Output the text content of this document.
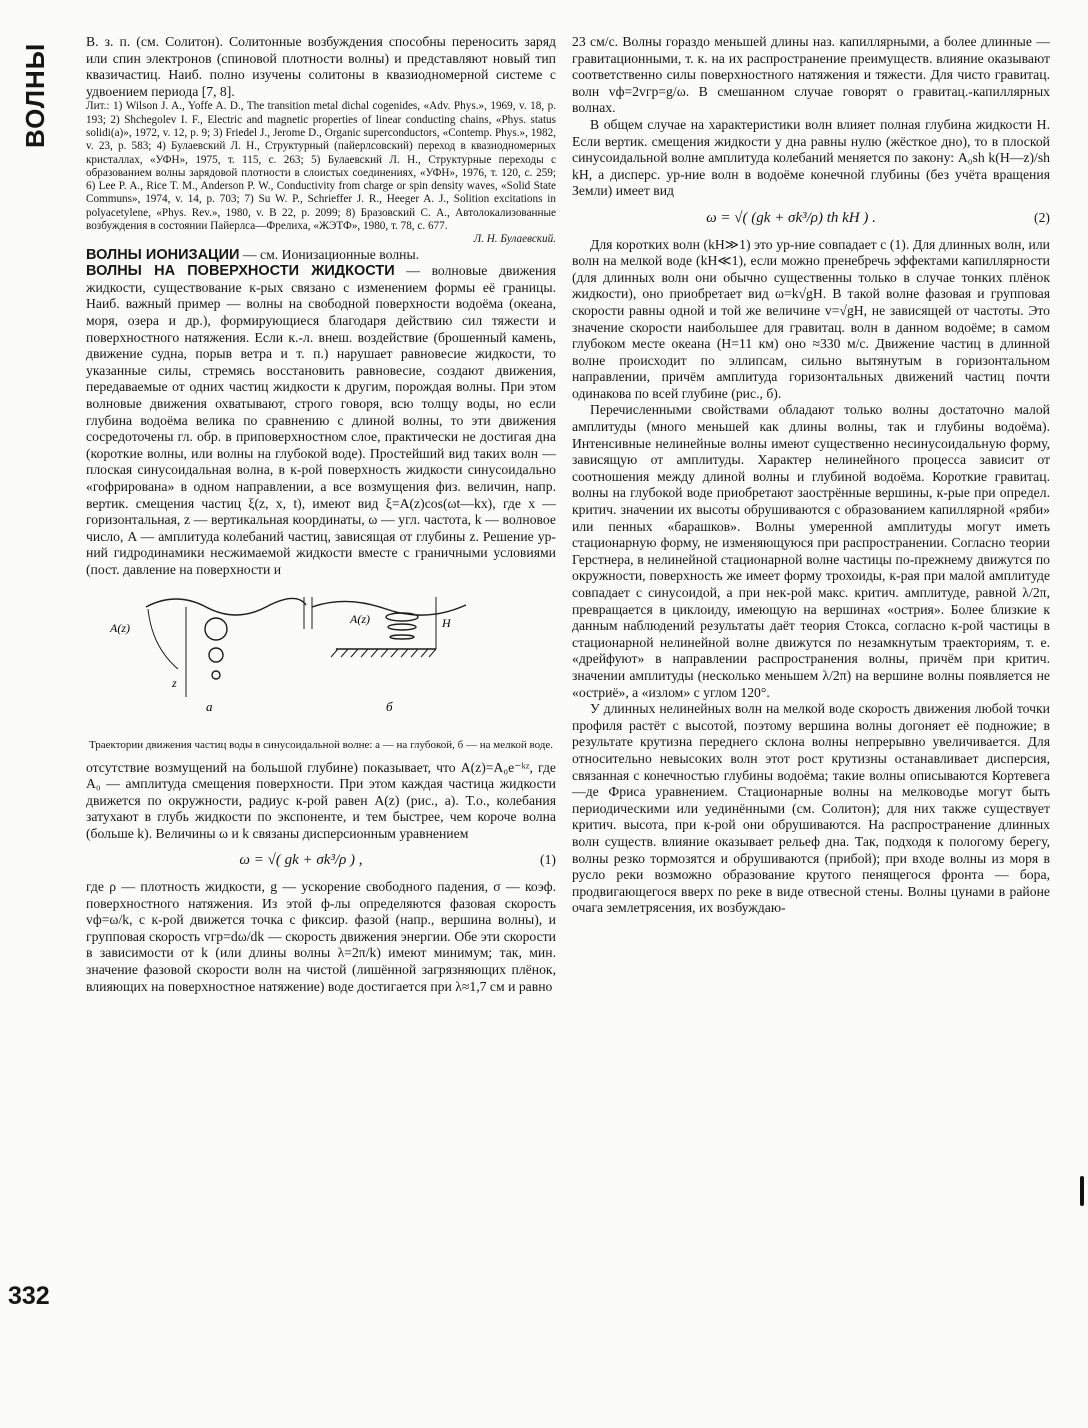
ВОЛНЫ
332

В. з. п. (см. Солитон). Солитонные возбуждения способны переносить заряд или спин электронов (спиновой плотности волны) и представляют новый тип квазичастиц. Наиб. полно изучены солитоны в квазиодномерной системе с удвоением периода [7, 8].

Лит.: 1) Wilson J. A., Yoffe A. D., The transition metal dichal cogenides, «Adv. Phys.», 1969, v. 18, p. 193; 2) Shchegolev I. F., Electric and magnetic properties of linear conducting chains, «Phys. status solidi(a)», 1972, v. 12, p. 9; 3) Friedel J., Jerome D., Organic superconductors, «Contemp. Phys.», 1982, v. 23, p. 583; 4) Булаевский Л. Н., Структурный (пайерлсовский) переход в квазиодномерных кристаллах, «УФН», 1975, т. 115, с. 263; 5) Булаевский Л. Н., Структурные переходы с образованием волны зарядовой плотности в слоистых соединениях, «УФН», 1976, т. 120, с. 259; 6) Lee P. A., Rice T. M., Anderson P. W., Conductivity from charge or spin density waves, «Solid State Communs», 1974, v. 14, p. 703; 7) Su W. P., Schrieffer J. R., Heeger A. J., Solition excitations in polyacetylene, «Phys. Rev.», 1980, v. B 22, p. 2099; 8) Бразовский С. А., Автолокализованные возбуждения в состоянии Пайерлса—Фрелиха, «ЖЭТФ», 1980, т. 78, с. 677.
Л. Н. Булаевский.

ВОЛНЫ ИОНИЗАЦИИ — см. Ионизационные волны.

ВОЛНЫ НА ПОВЕРХНОСТИ ЖИДКОСТИ — волновые движения жидкости, существование к-рых связано с изменением формы её границы. Наиб. важный пример — волны на свободной поверхности водоёма (океана, моря, озера и др.), формирующиеся благодаря действию сил тяжести и поверхностного натяжения. Если к.-л. внеш. воздействие (брошенный камень, движение судна, порыв ветра и т. п.) нарушает равновесие жидкости, то указанные силы, стремясь восстановить равновесие, создают движения, передаваемые от одних частиц жидкости к другим, порождая волны. При этом волновые движения охватывают, строго говоря, всю толщу воды, но если глубина водоёма велика по сравнению с длиной волны, то эти движения сосредоточены гл. обр. в приповерхностном слое, практически не достигая дна (короткие волны, или волны на глубокой воде). Простейший вид таких волн — плоская синусоидальная волна, в к-рой поверхность жидкости синусоидально «гофрирована» в одном направлении, а все возмущения физ. величин, напр. вертик. смещения частиц ξ(z, x, t), имеют вид ξ=A(z)cos(ωt—kx), где x — горизонтальная, z — вертикальная координаты, ω — угл. частота, k — волновое число, A — амплитуда колебаний частиц, зависящая от глубины z. Решение ур-ний гидродинамики несжимаемой жидкости вместе с граничными условиями (пост. давление на поверхности и

A(z)
z
A(z)	H
а	б
Траектории движения частиц воды в синусоидальной волне: а — на глубокой, б — на мелкой воде.

отсутствие возмущений на большой глубине) показывает, что A(z)=A₀e⁻ᵏᶻ, где A₀ — амплитуда смещения поверхности. При этом каждая частица жидкости движется по окружности, радиус к-рой равен A(z) (рис., а). Т.о., колебания затухают в глубь жидкости по экспоненте, и тем быстрее, чем короче волна (больше k). Величины ω и k связаны дисперсионным уравнением

ω = √( gk + σk³/ρ ) ,	(1)

где ρ — плотность жидкости, g — ускорение свободного падения, σ — коэф. поверхностного натяжения. Из этой ф-лы определяются фазовая скорость vф=ω/k, с к-рой движется точка с фиксир. фазой (напр., вершина волны), и групповая скорость vгр=dω/dk — скорость движения энергии. Обе эти скорости в зависимости от k (или длины волны λ=2π/k) имеют минимум; так, мин. значение фазовой скорости волн на чистой (лишённой загрязняющих плёнок, влияющих на поверхностное натяжение) воде достигается при λ≈1,7 см и равно

23 см/с. Волны гораздо меньшей длины наз. капиллярными, а более длинные — гравитационными, т. к. на их распространение преимуществ. влияние оказывают соответственно силы поверхностного натяжения и тяжести. Для чисто гравитац. волн vф=2vгр=g/ω. В смешанном случае говорят о гравитац.-капиллярных волнах.

В общем случае на характеристики волн влияет полная глубина жидкости H. Если вертик. смещения жидкости у дна равны нулю (жёсткое дно), то в плоской синусоидальной волне амплитуда колебаний меняется по закону: A₀sh k(H—z)/sh kH, а дисперс. ур-ние волн в водоёме конечной глубины (без учёта вращения Земли) имеет вид

ω = √( (gk + σk³/ρ) th kH ) .	(2)

Для коротких волн (kH≫1) это ур-ние совпадает с (1). Для длинных волн, или волн на мелкой воде (kH≪1), если можно пренебречь эффектами капиллярности (для длинных волн они обычно существенны только в случае тонких плёнок жидкости), оно приобретает вид ω=k√gH. В такой волне фазовая и групповая скорости равны одной и той же величине v=√gH, не зависящей от частоты. Это значение скорости наибольшее для гравитац. волн в данном водоёме; в самом глубоком месте океана (H=11 км) оно ≈330 м/с. Движение частиц в длинной волне происходит по эллипсам, сильно вытянутым в горизонтальном направлении, причём амплитуда горизонтальных движений частиц почти одинакова по всей глубине (рис., б).

Перечисленными свойствами обладают только волны достаточно малой амплитуды (много меньшей как длины волны, так и глубины водоёма). Интенсивные нелинейные волны имеют существенно несинусоидальную форму, зависящую от амплитуды. Характер нелинейного процесса зависит от соотношения между длиной волны и глубиной водоёма. Короткие гравитац. волны на глубокой воде приобретают заострённые вершины, к-рые при определ. критич. значении их высоты обрушиваются с образованием капиллярной «ряби» или пенных «барашков». Волны умеренной амплитуды могут иметь стационарную форму, не изменяющуюся при распространении. Согласно теории Герстнера, в нелинейной стационарной волне частицы по-прежнему движутся по окружности, поверхность же имеет форму трохоиды, к-рая при малой амплитуде совпадает с синусоидой, а при нек-рой макс. критич. амплитуде, равной λ/2π, превращается в циклоиду, имеющую на вершинах «острия». Более близкие к данным наблюдений результаты даёт теория Стокса, согласно к-рой частицы в стационарной нелинейной волне движутся по незамкнутым траекториям, т. е. «дрейфуют» в направлении распространения волны, причём при критич. значении амплитуды (несколько меньшем λ/2π) на вершине волны появляется не «остриё», а «излом» с углом 120°.

У длинных нелинейных волн на мелкой воде скорость движения любой точки профиля растёт с высотой, поэтому вершина волны догоняет её подножие; в результате крутизна переднего склона волны непрерывно увеличивается. Для относительно невысоких волн этот рост крутизны останавливает дисперсия, связанная с конечностью глубины водоёма; такие волны описываются Кортевега—де Фриса уравнением. Стационарные волны на мелководье могут быть периодическими или уединёнными (см. Солитон); для них также существует критич. высота, при к-рой они обрушиваются. На распространение длинных волн существ. влияние оказывает рельеф дна. Так, подходя к пологому берегу, волны резко тормозятся и обрушиваются (прибой); при входе волны из моря в русло реки возможно образование крутого пенящегося фронта — бора, продвигающегося вверх по реке в виде отвесной стены. Волны цунами в районе очага землетрясения, их возбуждаю-
